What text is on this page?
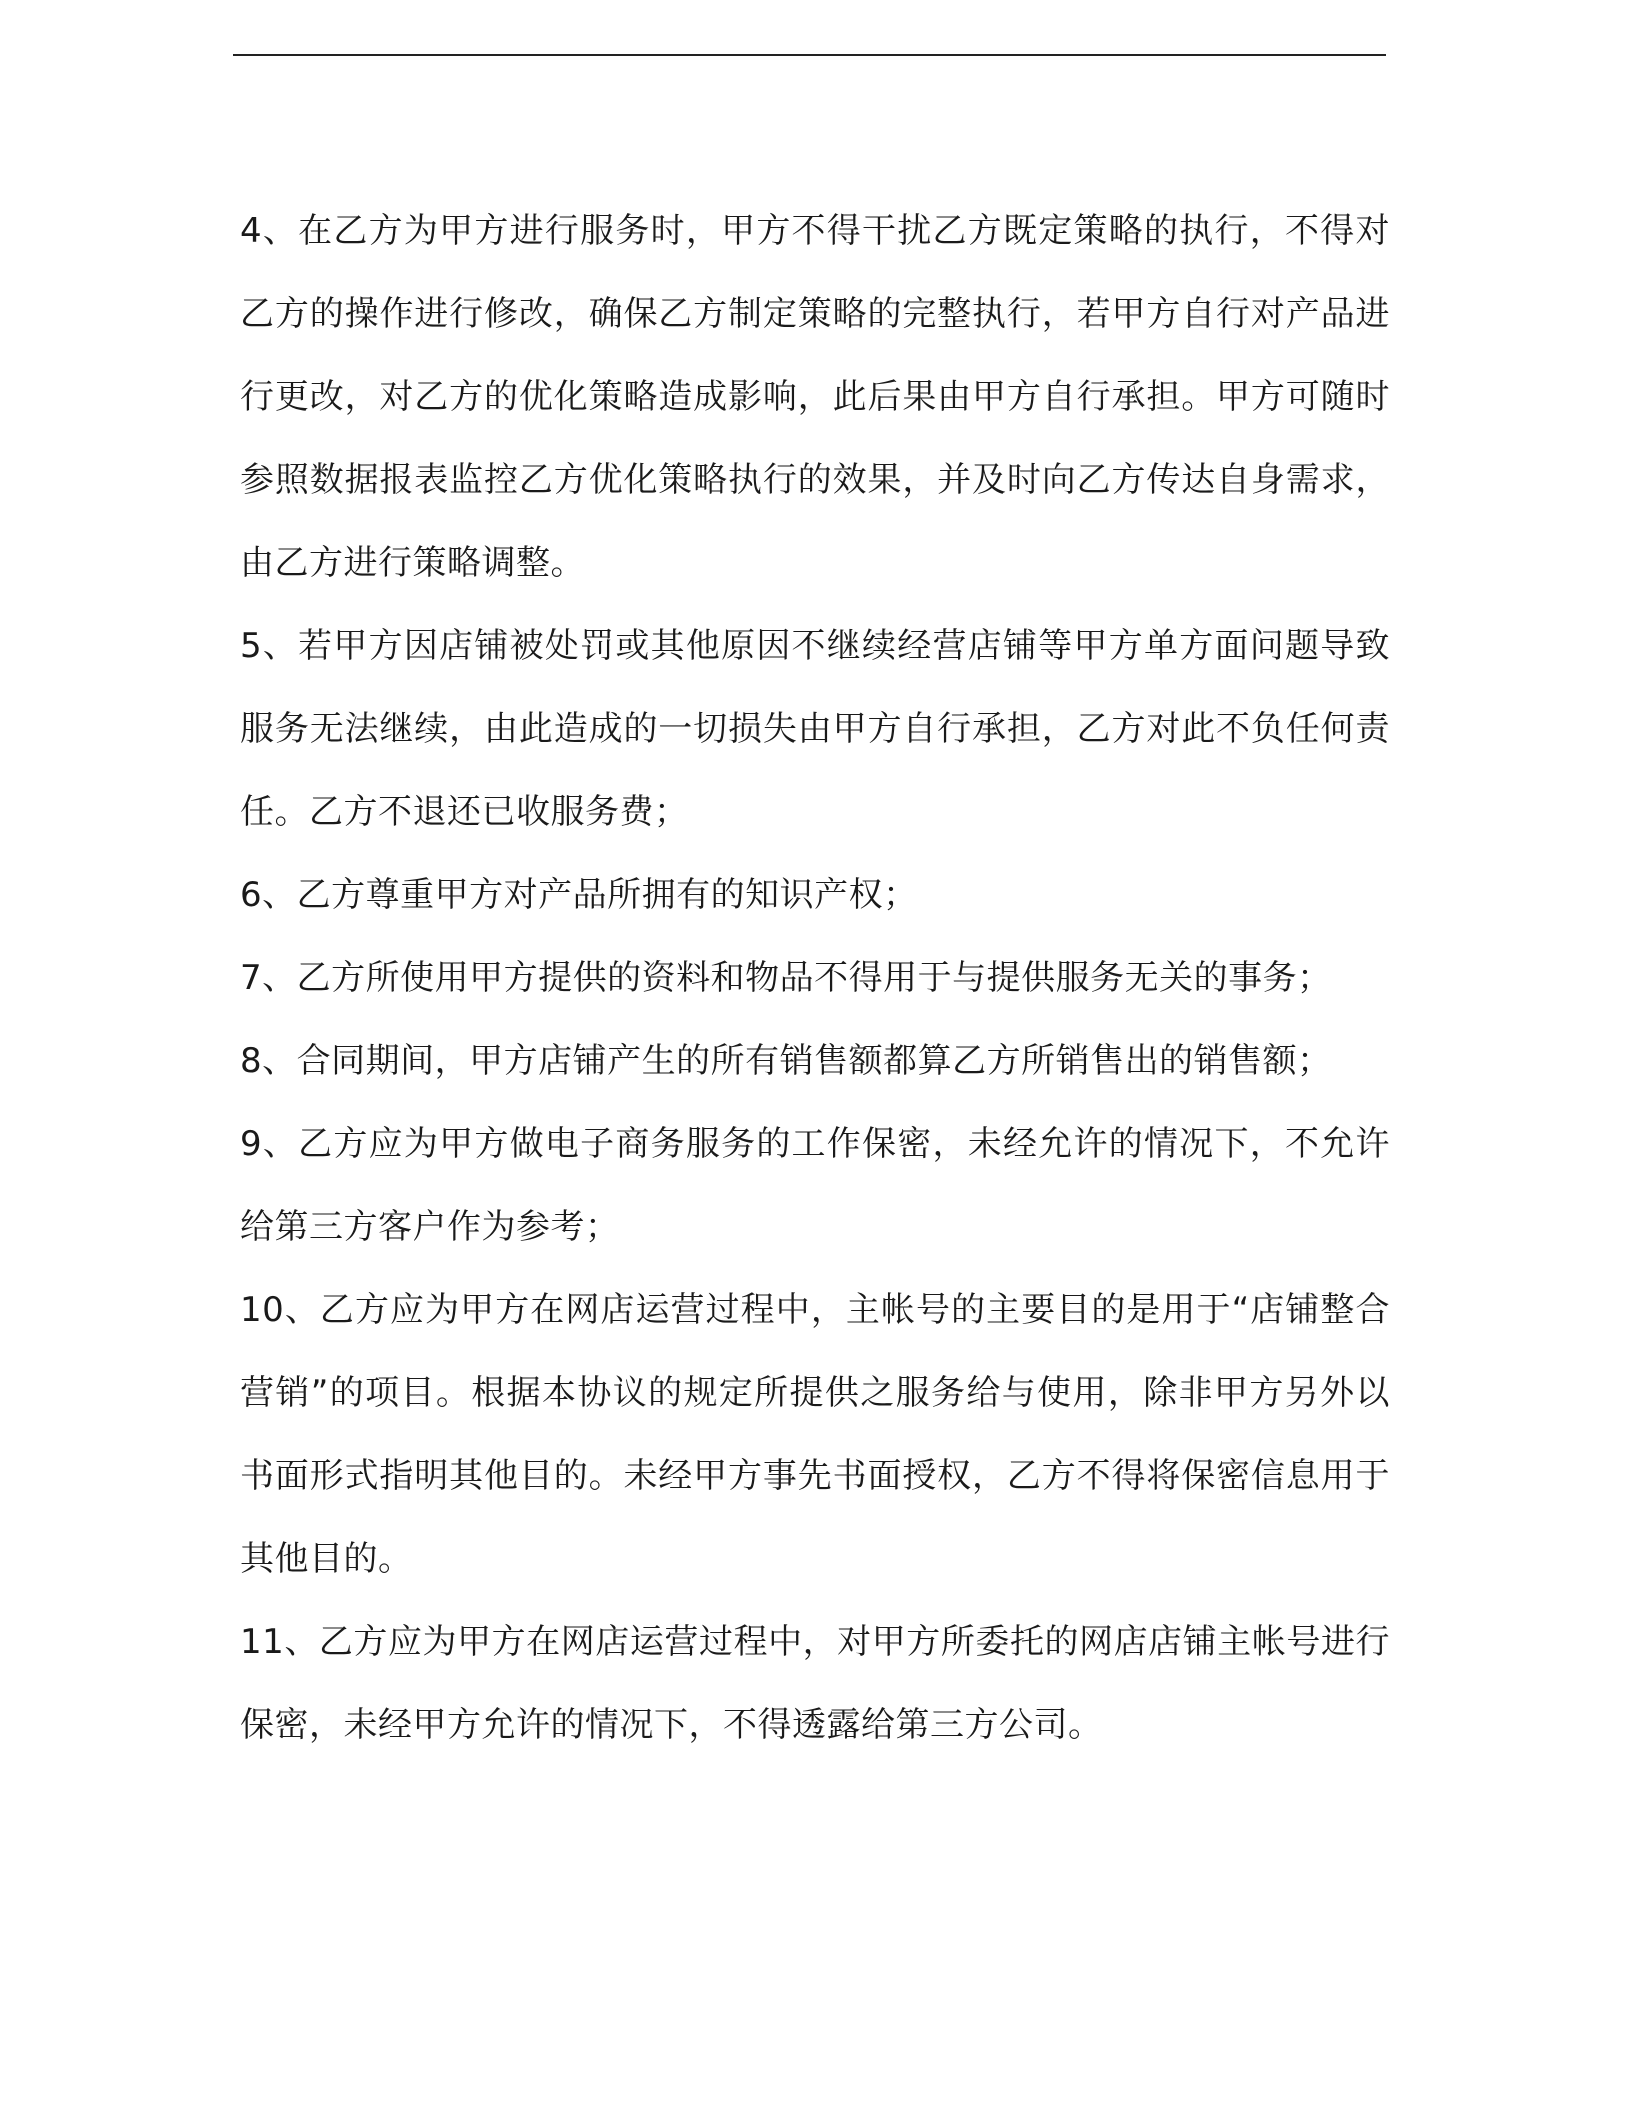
4、在乙方为甲方进行服务时，甲方不得干扰乙方既定策略的执行，不得对乙方的操作进行修改，确保乙方制定策略的完整执行，若甲方自行对产品进行更改，对乙方的优化策略造成影响，此后果由甲方自行承担。甲方可随时参照数据报表监控乙方优化策略执行的效果，并及时向乙方传达自身需求，由乙方进行策略调整。

5、若甲方因店铺被处罚或其他原因不继续经营店铺等甲方单方面问题导致服务无法继续，由此造成的一切损失由甲方自行承担，乙方对此不负任何责任。乙方不退还已收服务费；

6、乙方尊重甲方对产品所拥有的知识产权；

7、乙方所使用甲方提供的资料和物品不得用于与提供服务无关的事务；

8、合同期间，甲方店铺产生的所有销售额都算乙方所销售出的销售额；

9、乙方应为甲方做电子商务服务的工作保密，未经允许的情况下，不允许给第三方客户作为参考；

10、乙方应为甲方在网店运营过程中，主帐号的主要目的是用于“店铺整合营销”的项目。根据本协议的规定所提供之服务给与使用，除非甲方另外以书面形式指明其他目的。未经甲方事先书面授权，乙方不得将保密信息用于其他目的。

11、乙方应为甲方在网店运营过程中，对甲方所委托的网店店铺主帐号进行保密，未经甲方允许的情况下，不得透露给第三方公司。
